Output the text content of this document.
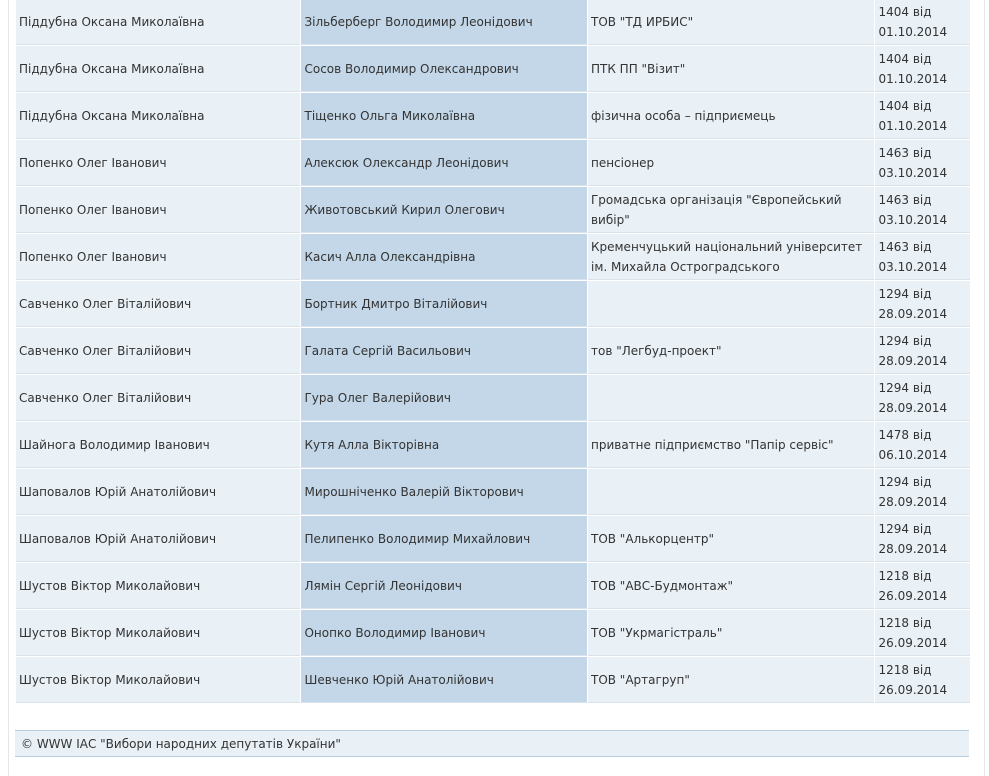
Піддубна Оксана Миколаївна	Зільберберг Володимир Леонідович	ТОВ "ТД ИРБИС"	1404 від
01.10.2014

Піддубна Оксана Миколаївна	Сосов Володимир Олександрович	ПТК ПП "Візит"	1404 від
01.10.2014

Піддубна Оксана Миколаївна	Тіщенко Ольга Миколаївна	фізична особа – підприємець	1404 від
01.10.2014

Попенко Олег Іванович	Алексюк Олександр Леонідович	пенсіонер	1463 від
03.10.2014

Попенко Олег Іванович	Животовський Кирил Олегович	Громадська організація "Європейський вибір"	1463 від
03.10.2014

Попенко Олег Іванович	Касич Алла Олександрівна	Кременчуцький національний університет ім. Михайла Остроградського	1463 від
03.10.2014

Савченко Олег Віталійович	Бортник Дмитро Віталійович		1294 від
28.09.2014

Савченко Олег Віталійович	Галата Сергій Васильович	тов "Легбуд-проект"	1294 від
28.09.2014

Савченко Олег Віталійович	Гура Олег Валерійович		1294 від
28.09.2014

Шайнога Володимир Іванович	Кутя Алла Вікторівна	приватне підприємство "Папір сервіс"	1478 від
06.10.2014

Шаповалов Юрій Анатолійович	Мирошніченко Валерій Вікторович		1294 від
28.09.2014

Шаповалов Юрій Анатолійович	Пелипенко Володимир Михайлович	ТОВ "Алькорцентр"	1294 від
28.09.2014

Шустов Віктор Миколайович	Лямін Сергій Леонідович	ТОВ "АВС-Будмонтаж"	1218 від
26.09.2014

Шустов Віктор Миколайович	Онопко Володимир Іванович	ТОВ "Укрмагістраль"	1218 від
26.09.2014

Шустов Віктор Миколайович	Шевченко Юрій Анатолійович	ТОВ "Артагруп"	1218 від
26.09.2014
© WWW ІАС "Вибори народних депутатів України"
